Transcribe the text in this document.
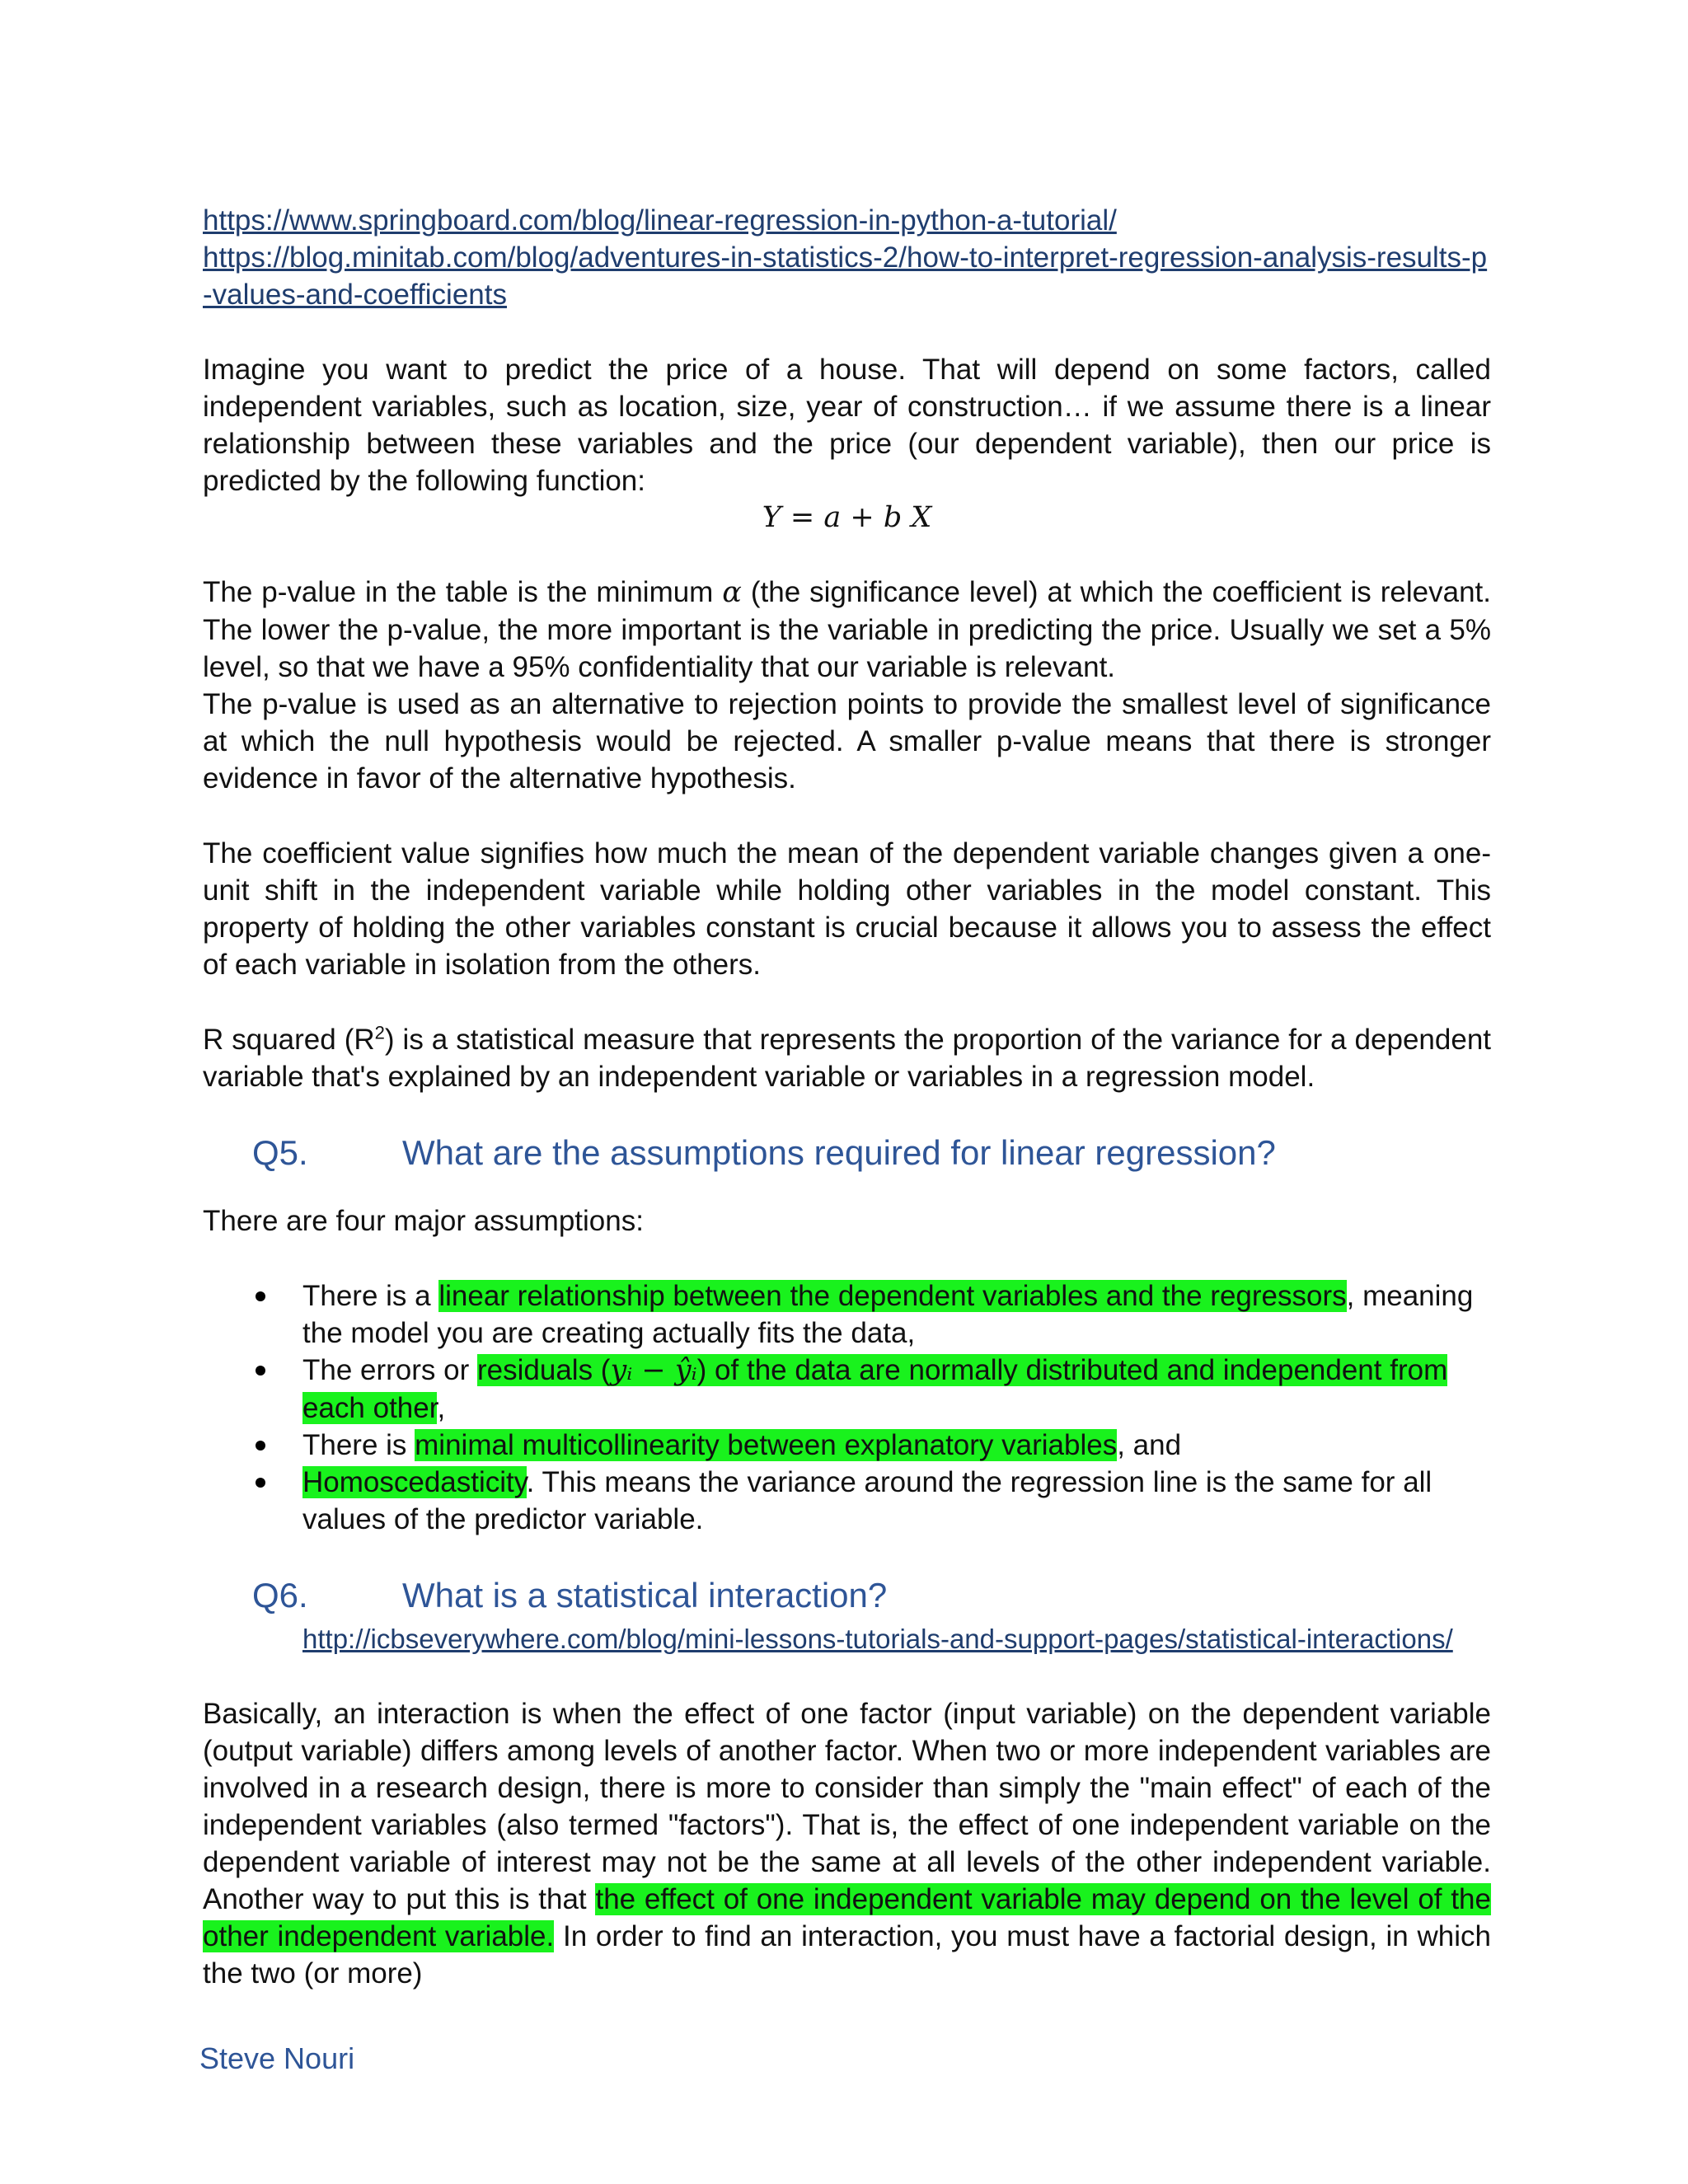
https://www.springboard.com/blog/linear-regression-in-python-a-tutorial/
https://blog.minitab.com/blog/adventures-in-statistics-2/how-to-interpret-regression-analysis-results-p-values-and-coefficients

Imagine you want to predict the price of a house. That will depend on some factors, called independent variables, such as location, size, year of construction… if we assume there is a linear relationship between these variables and the price (our dependent variable), then our price is predicted by the following function:

Y = a + b X

The p-value in the table is the minimum α (the significance level) at which the coefficient is relevant. The lower the p-value, the more important is the variable in predicting the price. Usually we set a 5% level, so that we have a 95% confidentiality that our variable is relevant.

The p-value is used as an alternative to rejection points to provide the smallest level of significance at which the null hypothesis would be rejected. A smaller p-value means that there is stronger evidence in favor of the alternative hypothesis.

The coefficient value signifies how much the mean of the dependent variable changes given a one-unit shift in the independent variable while holding other variables in the model constant. This property of holding the other variables constant is crucial because it allows you to assess the effect of each variable in isolation from the others.

R squared $(R^2)$ is a statistical measure that represents the proportion of the variance for a dependent variable that's explained by an independent variable or variables in a regression model.

Q5.	What are the assumptions required for linear regression?

There are four major assumptions:

There is a linear relationship between the dependent variables and the regressors, meaning the model you are creating actually fits the data,
The errors or residuals (yᵢ − ŷᵢ) of the data are normally distributed and independent from each other,
There is minimal multicollinearity between explanatory variables, and
Homoscedasticity. This means the variance around the regression line is the same for all values of the predictor variable.
Q6.	What is a statistical interaction?
http://icbseverywhere.com/blog/mini-lessons-tutorials-and-support-pages/statistical-interactions/

Basically, an interaction is when the effect of one factor (input variable) on the dependent variable (output variable) differs among levels of another factor. When two or more independent variables are involved in a research design, there is more to consider than simply the "main effect" of each of the independent variables (also termed "factors"). That is, the effect of one independent variable on the dependent variable of interest may not be the same at all levels of the other independent variable. Another way to put this is that the effect of one independent variable may depend on the level of the other independent variable. In order to find an interaction, you must have a factorial design, in which the two (or more)

Steve Nouri
